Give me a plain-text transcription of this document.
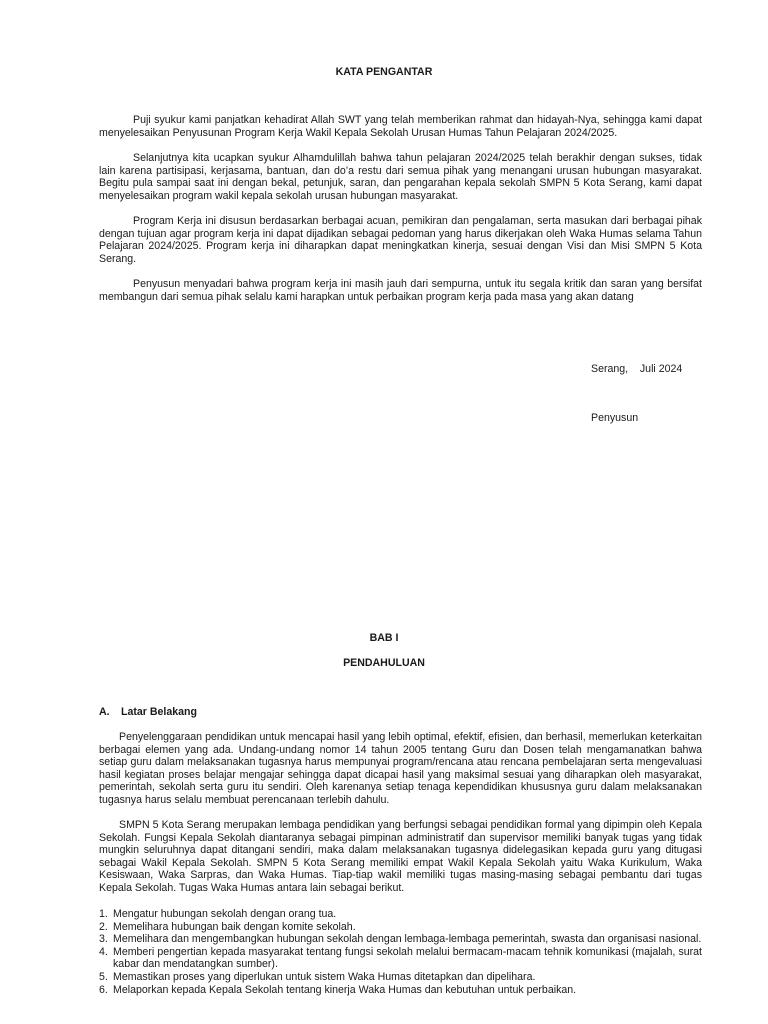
KATA PENGANTAR

Puji syukur kami panjatkan kehadirat Allah SWT yang telah memberikan rahmat dan hidayah-Nya, sehingga kami dapat menyelesaikan Penyusunan Program Kerja Wakil Kepala Sekolah Urusan Humas Tahun Pelajaran 2024/2025.

Selanjutnya kita ucapkan syukur Alhamdulillah bahwa tahun pelajaran 2024/2025 telah berakhir dengan sukses, tidak lain karena partisipasi, kerjasama, bantuan, dan do’a restu dari semua pihak yang menangani urusan hubungan masyarakat. Begitu pula sampai saat ini dengan bekal, petunjuk, saran, dan pengarahan kepala sekolah SMPN 5 Kota Serang, kami dapat menyelesaikan program wakil kepala sekolah urusan hubungan masyarakat.

Program Kerja ini disusun berdasarkan berbagai acuan, pemikiran dan pengalaman, serta masukan dari berbagai pihak dengan tujuan agar program kerja ini dapat dijadikan sebagai pedoman yang harus dikerjakan oleh Waka Humas selama Tahun Pelajaran 2024/2025. Program kerja ini diharapkan dapat meningkatkan kinerja, sesuai dengan Visi dan Misi SMPN 5 Kota Serang.

Penyusun menyadari bahwa program kerja ini masih jauh dari sempurna, untuk itu segala kritik dan saran yang bersifat membangun dari semua pihak selalu kami harapkan untuk perbaikan program kerja pada masa yang akan datang

Serang,    Juli 2024
Penyusun
BAB I
PENDAHULUAN
A. Latar Belakang

Penyelenggaraan pendidikan untuk mencapai hasil yang lebih optimal, efektif, efisien, dan berhasil, memerlukan keterkaitan berbagai elemen yang ada. Undang-undang nomor 14 tahun 2005 tentang Guru dan Dosen telah mengamanatkan bahwa setiap guru dalam melaksanakan tugasnya harus mempunyai program/rencana atau rencana pembelajaran serta mengevaluasi hasil kegiatan proses belajar mengajar sehingga dapat dicapai hasil yang maksimal sesuai yang diharapkan oleh masyarakat, pemerintah, sekolah serta guru itu sendiri. Oleh karenanya setiap tenaga kependidikan khususnya guru dalam melaksanakan tugasnya harus selalu membuat perencanaan terlebih dahulu.

SMPN 5 Kota Serang merupakan lembaga pendidikan yang berfungsi sebagai pendidikan formal yang dipimpin oleh Kepala Sekolah. Fungsi Kepala Sekolah diantaranya sebagai pimpinan administratif dan supervisor memiliki banyak tugas yang tidak mungkin seluruhnya dapat ditangani sendiri, maka dalam melaksanakan tugasnya didelegasikan kepada guru yang ditugasi sebagai Wakil Kepala Sekolah. SMPN 5 Kota Serang memiliki empat Wakil Kepala Sekolah yaitu Waka Kurikulum, Waka Kesiswaan, Waka Sarpras, dan Waka Humas. Tiap-tiap wakil memiliki tugas masing-masing sebagai pembantu dari tugas Kepala Sekolah. Tugas Waka Humas antara lain sebagai berikut.

1. Mengatur hubungan sekolah dengan orang tua.
2. Memelihara hubungan baik dengan komite sekolah.
3. Memelihara dan mengembangkan hubungan sekolah dengan lembaga-lembaga pemerintah, swasta dan organisasi nasional.
4. Memberi pengertian kepada masyarakat tentang fungsi sekolah melalui bermacam-macam tehnik komunikasi (majalah, surat kabar dan mendatangkan sumber).
5. Memastikan proses yang diperlukan untuk sistem Waka Humas ditetapkan dan dipelihara.
6. Melaporkan kepada Kepala Sekolah tentang kinerja Waka Humas dan kebutuhan untuk perbaikan.
